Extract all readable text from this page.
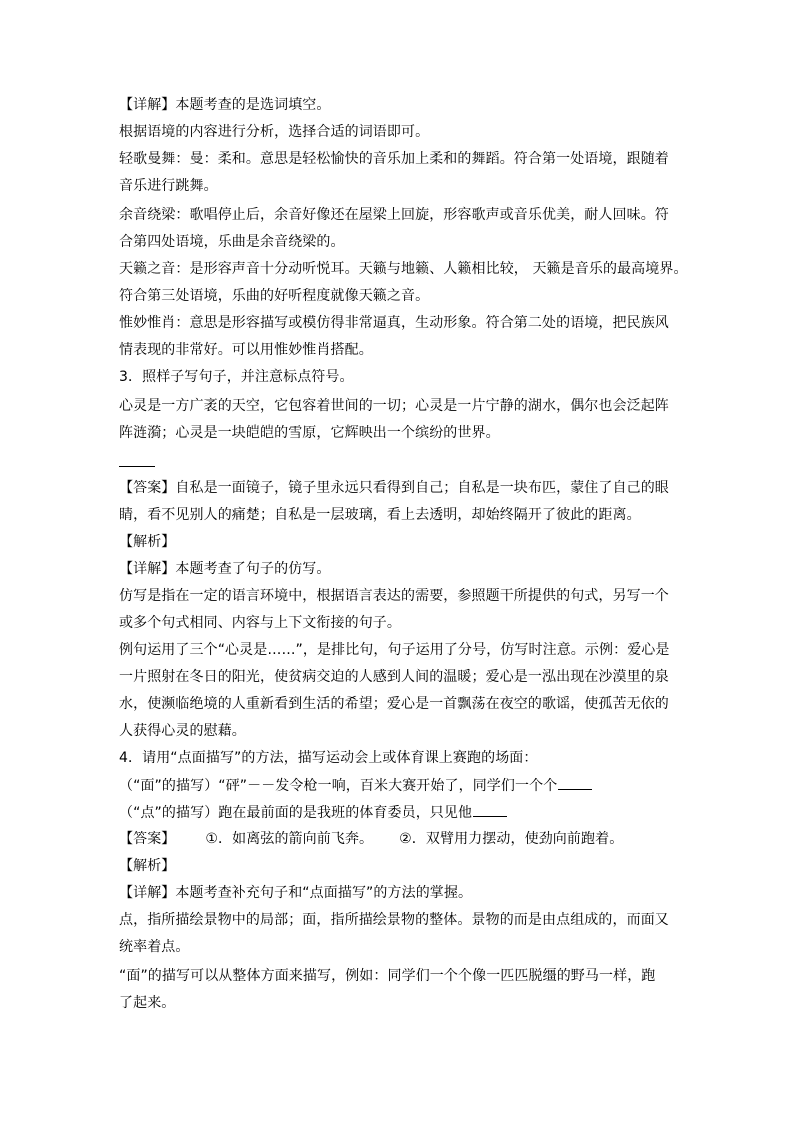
【详解】本题考查的是选词填空。
根据语境的内容进行分析，选择合适的词语即可。
轻歌曼舞：曼：柔和。意思是轻松愉快的音乐加上柔和的舞蹈。符合第一处语境，跟随着
音乐进行跳舞。
余音绕梁：歌唱停止后，余音好像还在屋梁上回旋，形容歌声或音乐优美，耐人回味。符
合第四处语境，乐曲是余音绕梁的。
天籁之音：是形容声音十分动听悦耳。天籁与地籁、人籁相比较， 天籁是音乐的最高境界。
符合第三处语境，乐曲的好听程度就像天籁之音。
惟妙惟肖：意思是形容描写或模仿得非常逼真，生动形象。符合第二处的语境，把民族风
情表现的非常好。可以用惟妙惟肖搭配。
3．照样子写句子，并注意标点符号。
心灵是一方广袤的天空，它包容着世间的一切；心灵是一片宁静的湖水，偶尔也会泛起阵
阵涟漪；心灵是一块皑皑的雪原，它辉映出一个缤纷的世界。
【答案】自私是一面镜子，镜子里永远只看得到自己；自私是一块布匹，蒙住了自己的眼
睛，看不见别人的痛楚；自私是一层玻璃，看上去透明，却始终隔开了彼此的距离。
【解析】
【详解】本题考查了句子的仿写。
仿写是指在一定的语言环境中，根据语言表达的需要，参照题干所提供的句式，另写一个
或多个句式相同、内容与上下文衔接的句子。
例句运用了三个“心灵是……”，是排比句，句子运用了分号，仿写时注意。示例：爱心是
一片照射在冬日的阳光，使贫病交迫的人感到人间的温暖；爱心是一泓出现在沙漠里的泉
水，使濒临绝境的人重新看到生活的希望；爱心是一首飘荡在夜空的歌谣，使孤苦无依的
人获得心灵的慰藉。
4．请用“点面描写”的方法，描写运动会上或体育课上赛跑的场面：
（“面”的描写）“砰”－－发令枪一响，百米大赛开始了，同学们一个个
（“点”的描写）跑在最前面的是我班的体育委员，只见他
【答案】 ①．如离弦的箭向前飞奔。 ②．双臂用力摆动，使劲向前跑着。
【解析】
【详解】本题考查补充句子和“点面描写”的方法的掌握。
点，指所描绘景物中的局部；面，指所描绘景物的整体。景物的而是由点组成的，而面又
统率着点。
“面”的描写可以从整体方面来描写，例如：同学们一个个像一匹匹脱缰的野马一样，跑
了起来。
